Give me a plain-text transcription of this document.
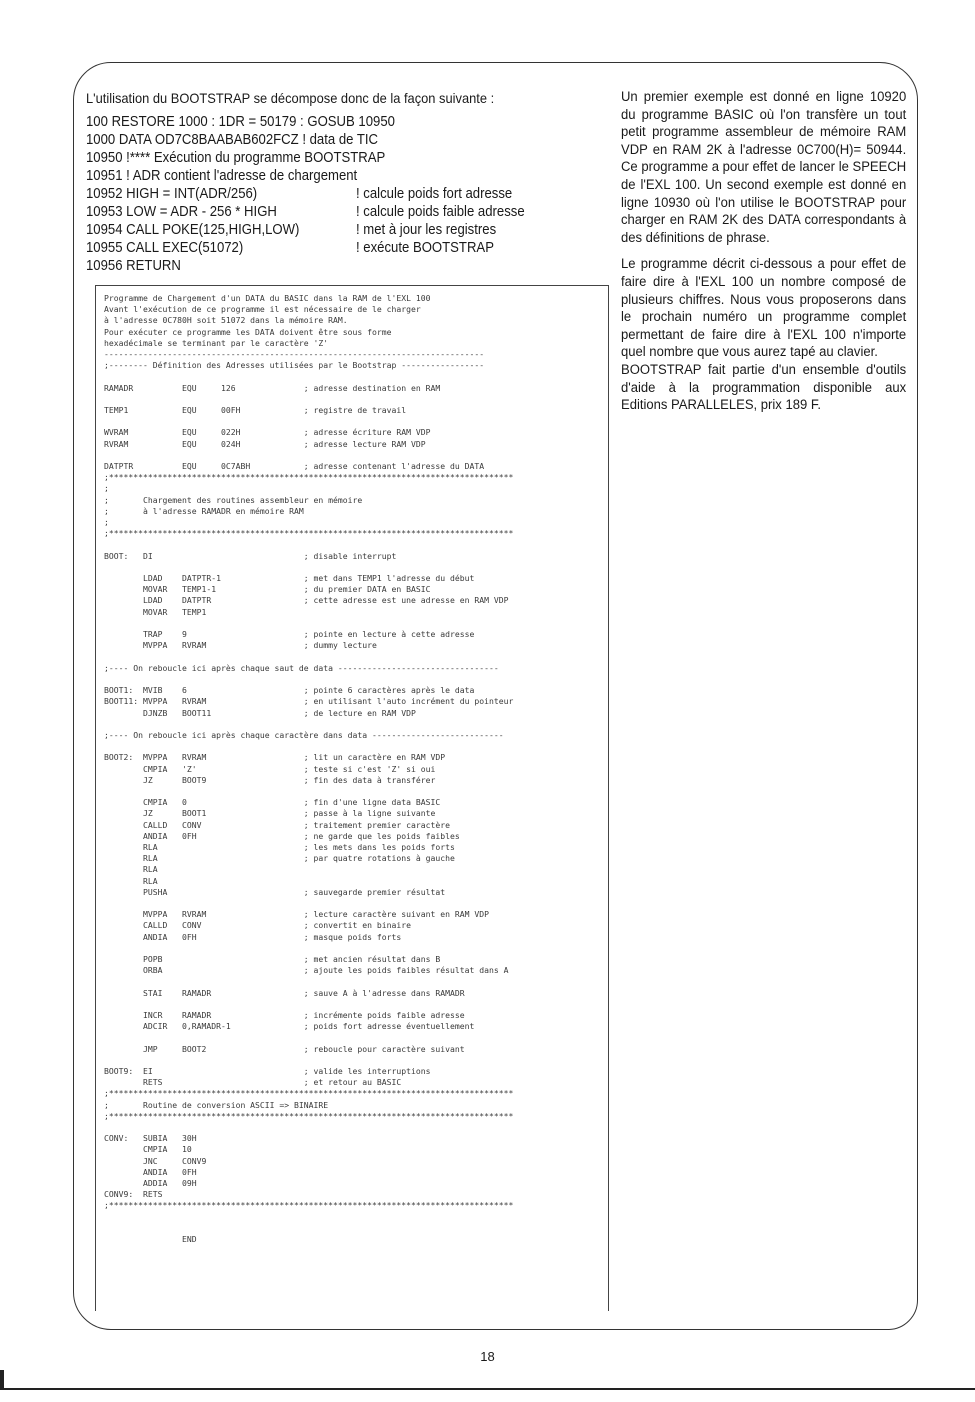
L'utilisation du BOOTSTRAP se décompose donc de la façon suivante :
100 RESTORE 1000 : 1DR = 50179 : GOSUB 10950
1000 DATA OD7C8BAABAB602FCZ ! data de TIC
10950 !**** Exécution du programme BOOTSTRAP
10951 ! ADR contient l'adresse de chargement
10952 HIGH = INT(ADR/256)	! calcule poids fort adresse
10953 LOW = ADR - 256 * HIGH	! calcule poids faible adresse
10954 CALL POKE(125,HIGH,LOW)	! met à jour les registres
10955 CALL EXEC(51072)	! exécute BOOTSTRAP
10956 RETURN
Programme de Chargement d'un DATA du BASIC dans la RAM de l'EXL 100
Avant l'exécution de ce programme il est nécessaire de le charger
à l'adresse 0C780H soit 51072 dans la mémoire RAM.
Pour exécuter ce programme les DATA doivent être sous forme
hexadécimale se terminant par le caractère 'Z'
------------------------------------------------------------------------------
;-------- Définition des Adresses utilisées par le Bootstrap -----------------

RAMADR          EQU     126              ; adresse destination en RAM

TEMP1           EQU     00FH             ; registre de travail

WVRAM           EQU     022H             ; adresse écriture RAM VDP
RVRAM           EQU     024H             ; adresse lecture RAM VDP

DATPTR          EQU     0C7ABH           ; adresse contenant l'adresse du DATA
;***********************************************************************************
;
;       Chargement des routines assembleur en mémoire
;       à l'adresse RAMADR en mémoire RAM
;
;***********************************************************************************

BOOT:   DI                               ; disable interrupt

LDAD    DATPTR-1                 ; met dans TEMP1 l'adresse du début
MOVAR   TEMP1-1                  ; du premier DATA en BASIC
LDAD    DATPTR                   ; cette adresse est une adresse en RAM VDP
MOVAR   TEMP1

TRAP    9                        ; pointe en lecture à cette adresse
MVPPA   RVRAM                    ; dummy lecture

;---- On reboucle ici après chaque saut de data ---------------------------------

BOOT1:  MVIB    6                        ; pointe 6 caractères après le data
BOOT11: MVPPA   RVRAM                    ; en utilisant l'auto incrément du pointeur
DJNZB   BOOT11                   ; de lecture en RAM VDP

;---- On reboucle ici après chaque caractère dans data ---------------------------

BOOT2:  MVPPA   RVRAM                    ; lit un caractère en RAM VDP
CMPIA   'Z'                      ; teste si c'est 'Z' si oui
JZ      BOOT9                    ; fin des data à transférer

CMPIA   0                        ; fin d'une ligne data BASIC
JZ      BOOT1                    ; passe à la ligne suivante
CALLD   CONV                     ; traitement premier caractère
ANDIA   0FH                      ; ne garde que les poids faibles
RLA                              ; les mets dans les poids forts
RLA                              ; par quatre rotations à gauche
RLA
RLA
PUSHA                            ; sauvegarde premier résultat

MVPPA   RVRAM                    ; lecture caractère suivant en RAM VDP
CALLD   CONV                     ; convertit en binaire
ANDIA   0FH                      ; masque poids forts

POPB                             ; met ancien résultat dans B
ORBA                             ; ajoute les poids faibles résultat dans A

STAI    RAMADR                   ; sauve A à l'adresse dans RAMADR

INCR    RAMADR                   ; incrémente poids faible adresse
ADCIR   0,RAMADR-1               ; poids fort adresse éventuellement

JMP     BOOT2                    ; reboucle pour caractère suivant

BOOT9:  EI                               ; valide les interruptions
RETS                             ; et retour au BASIC
;***********************************************************************************
;       Routine de conversion ASCII => BINAIRE
;***********************************************************************************

CONV:   SUBIA   30H
CMPIA   10
JNC     CONV9
ANDIA   0FH
ADDIA   09H
CONV9:  RETS
;***********************************************************************************

END

Un premier exemple est donné en ligne 10920 du programme BASIC où l'on transfère un tout petit programme assembleur de mémoire RAM VDP en RAM 2K à l'adresse 0C700(H)= 50944. Ce programme a pour effet de lancer le SPEECH de l'EXL 100. Un second exemple est donné en ligne 10930 où l'on utilise le BOOTSTRAP pour charger en RAM 2K des DATA correspondants à des définitions de phrase.

Le programme décrit ci-dessous a pour effet de faire dire à l'EXL 100 un nombre composé de plusieurs chiffres. Nous vous proposerons dans le prochain numéro un programme complet permettant de faire dire à l'EXL 100 n'importe quel nombre que vous aurez tapé au clavier.

BOOTSTRAP fait partie d'un ensemble d'outils d'aide à la programmation disponible aux Editions PARALLELES, prix 189 F.

18
